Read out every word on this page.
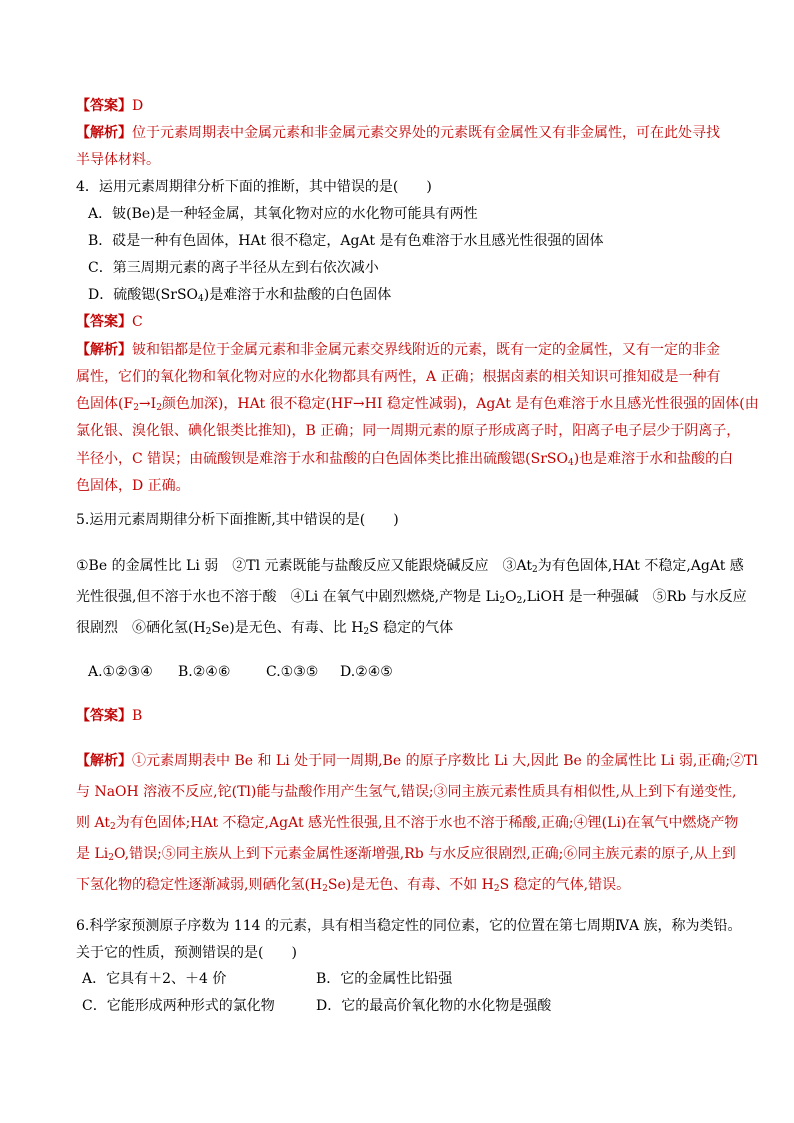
【答案】D
【解析】位于元素周期表中金属元素和非金属元素交界处的元素既有金属性又有非金属性，可在此处寻找
半导体材料。
4．运用元素周期律分析下面的推断，其中错误的是(　　)
A．铍(Be)是一种轻金属，其氧化物对应的水化物可能具有两性
B．砹是一种有色固体，HAt 很不稳定，AgAt 是有色难溶于水且感光性很强的固体
C．第三周期元素的离子半径从左到右依次减小
D．硫酸锶(SrSO$_4$)是难溶于水和盐酸的白色固体
【答案】C
【解析】铍和铝都是位于金属元素和非金属元素交界线附近的元素，既有一定的金属性，又有一定的非金
属性，它们的氧化物和氧化物对应的水化物都具有两性，A 正确；根据卤素的相关知识可推知砹是一种有
色固体($F_2\to I_2$颜色加深)，HAt 很不稳定(HF→HI 稳定性减弱)，AgAt 是有色难溶于水且感光性很强的固体(由
氯化银、溴化银、碘化银类比推知)，B 正确；同一周期元素的原子形成离子时，阳离子电子层少于阴离子，
半径小，C 错误；由硫酸钡是难溶于水和盐酸的白色固体类比推出硫酸锶(SrSO$_4$)也是难溶于水和盐酸的白
色固体，D 正确。
5.运用元素周期律分析下面推断,其中错误的是(　　)
①Be 的金属性比 Li 弱　②Tl 元素既能与盐酸反应又能跟烧碱反应　$③At_2$为有色固体,HAt 不稳定,AgAt 感
光性很强,但不溶于水也不溶于酸　④Li 在氧气中剧烈燃烧,产物是 $Li_2O_2,LiOH$ 是一种强碱　⑤Rb 与水反应
很剧烈　⑥硒化氢$(H_2Se)$是无色、有毒、比 $H_2S$ 稳定的气体
A.①②③④ B.②④⑥	C.①③⑤ D.②④⑤
【答案】B
【解析】①元素周期表中 Be 和 Li 处于同一周期,Be 的原子序数比 Li 大,因此 Be 的金属性比 Li 弱,正确;②Tl
与 NaOH 溶液不反应,铊(Tl)能与盐酸作用产生氢气,错误;③同主族元素性质具有相似性,从上到下有递变性,
则 $At_2$为有色固体;HAt 不稳定,AgAt 感光性很强,且不溶于水也不溶于稀酸,正确;④锂(Li)在氧气中燃烧产物
是 $Li_2O$,错误;⑤同主族从上到下元素金属性逐渐增强,Rb 与水反应很剧烈,正确;⑥同主族元素的原子,从上到
下氢化物的稳定性逐渐减弱,则硒化氢$(H_2Se)$是无色、有毒、不如 $H_2S$ 稳定的气体,错误。
6.科学家预测原子序数为 114 的元素，具有相当稳定性的同位素，它的位置在第七周期ⅣA 族，称为类铅。
关于它的性质，预测错误的是(　　)
A．它具有＋2、＋4 价	B．它的金属性比铅强
C．它能形成两种形式的氯化物	D．它的最高价氧化物的水化物是强酸
